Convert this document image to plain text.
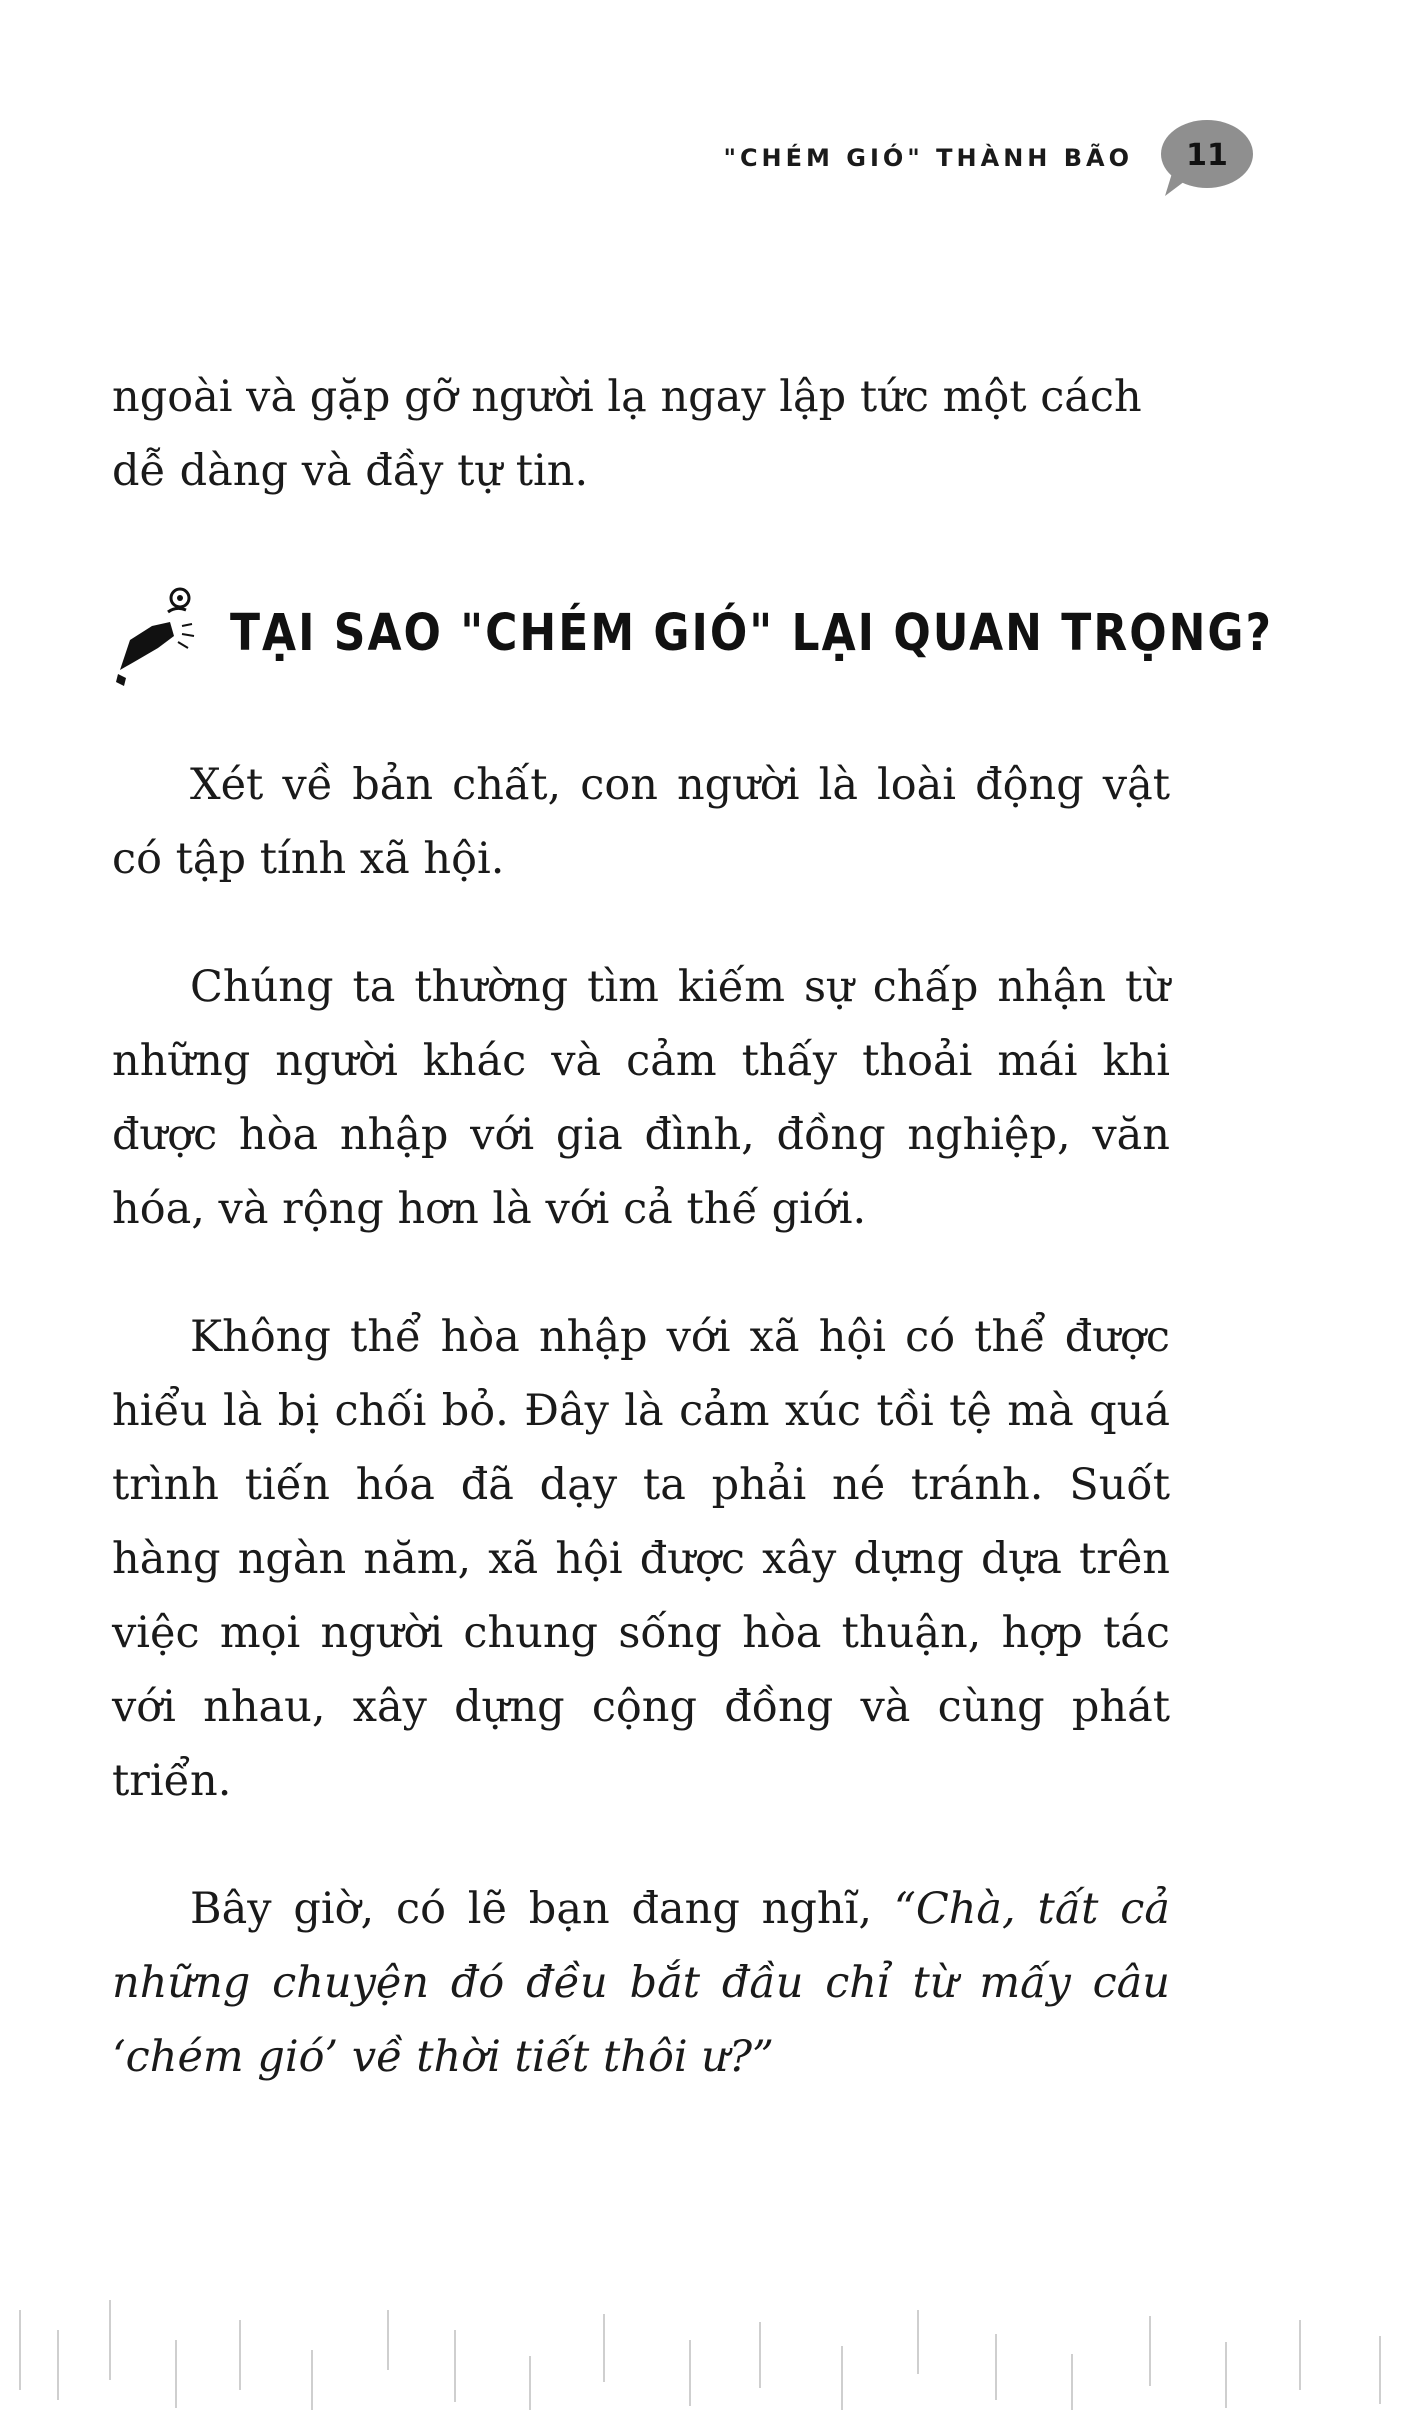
"CHÉM GIÓ" THÀNH BÃO	11

ngoài và gặp gỡ người lạ ngay lập tức một cách dễ dàng và đầy tự tin.

TẠI SAO "CHÉM GIÓ" LẠI QUAN TRỌNG?

Xét về bản chất, con người là loài động vật có tập tính xã hội.

Chúng ta thường tìm kiếm sự chấp nhận từ những người khác và cảm thấy thoải mái khi được hòa nhập với gia đình, đồng nghiệp, văn hóa, và rộng hơn là với cả thế giới.

Không thể hòa nhập với xã hội có thể được hiểu là bị chối bỏ. Đây là cảm xúc tồi tệ mà quá trình tiến hóa đã dạy ta phải né tránh. Suốt hàng ngàn năm, xã hội được xây dựng dựa trên việc mọi người chung sống hòa thuận, hợp tác với nhau, xây dựng cộng đồng và cùng phát triển.

Bây giờ, có lẽ bạn đang nghĩ, “Chà, tất cả những chuyện đó đều bắt đầu chỉ từ mấy câu ‘chém gió’ về thời tiết thôi ư?”
